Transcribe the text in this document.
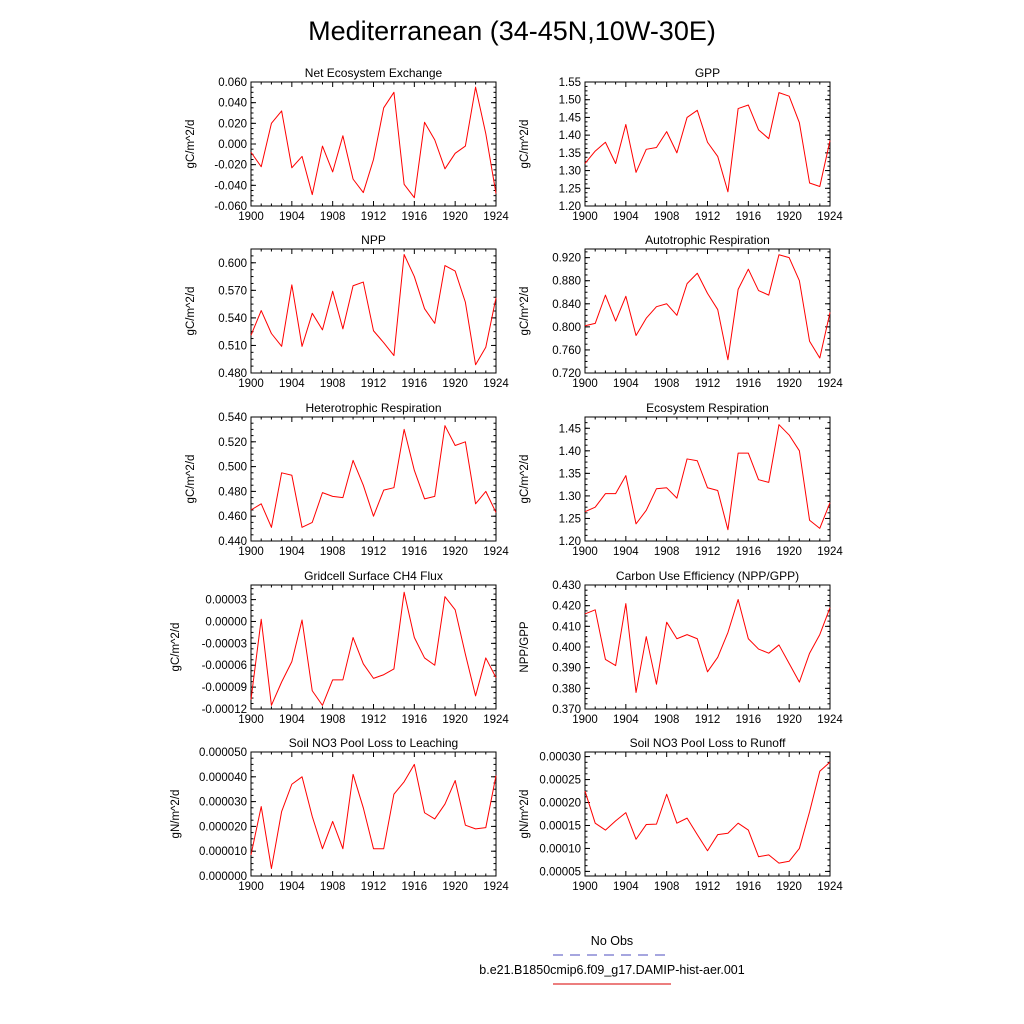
Mediterranean (34-45N,10W-30E)
Net Ecosystem Exchange
1900 1904 1908 1912 1916 1920 1924
-0.060
-0.040
-0.020
0.000
0.020
0.040
0.060
gC/m^2/d
GPP
1900 1904 1908 1912 1916 1920 1924
1.20
1.25
1.30
1.35
1.40
1.45
1.50
1.55
gC/m^2/d
NPP
1900 1904 1908 1912 1916 1920 1924
0.480
0.510
0.540
0.570
0.600
gC/m^2/d
Autotrophic Respiration
1900 1904 1908 1912 1916 1920 1924
0.720
0.760
0.800
0.840
0.880
0.920
gC/m^2/d
Heterotrophic Respiration
1900 1904 1908 1912 1916 1920 1924
0.440
0.460
0.480
0.500
0.520
0.540
gC/m^2/d
Ecosystem Respiration
1900 1904 1908 1912 1916 1920 1924
1.20
1.25
1.30
1.35
1.40
1.45
gC/m^2/d
Gridcell Surface CH4 Flux
1900 1904 1908 1912 1916 1920 1924
-0.00012
-0.00009
-0.00006
-0.00003
0.00000
0.00003
gC/m^2/d
Carbon Use Efficiency (NPP/GPP)
1900 1904 1908 1912 1916 1920 1924
0.370
0.380
0.390
0.400
0.410
0.420
0.430
NPP/GPP
Soil NO3 Pool Loss to Leaching
1900 1904 1908 1912 1916 1920 1924
0.000000
0.000010
0.000020
0.000030
0.000040
0.000050
gN/m^2/d
Soil NO3 Pool Loss to Runoff
1900 1904 1908 1912 1916 1920 1924
0.00005
0.00010
0.00015
0.00020
0.00025
0.00030
gN/m^2/d
No Obs
b.e21.B1850cmip6.f09_g17.DAMIP-hist-aer.001
